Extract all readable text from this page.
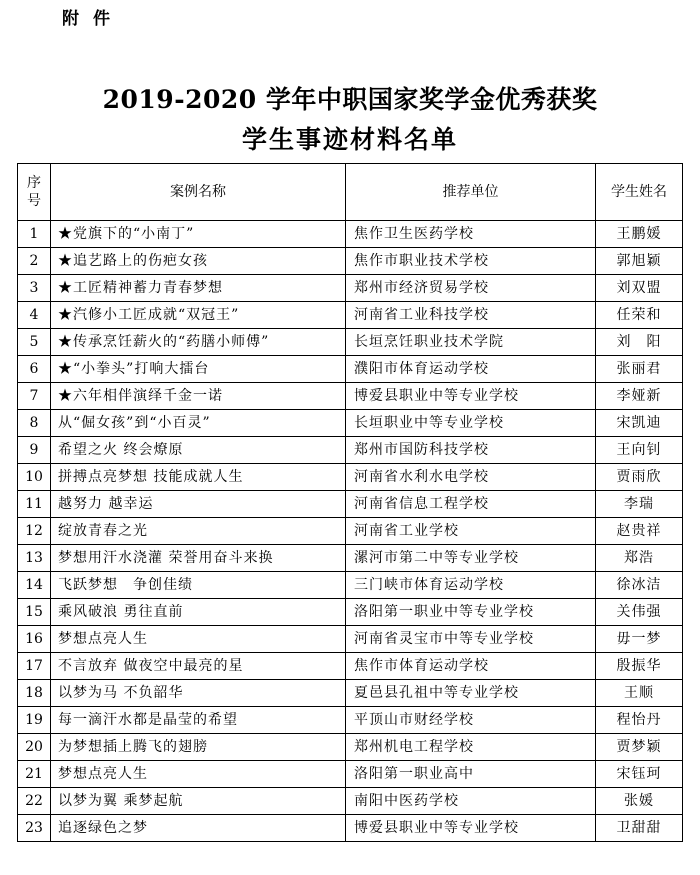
附件
2019-2020 学年中职国家奖学金优秀获奖
学生事迹材料名单
序
号	案例名称	推荐单位	学生姓名
1	★党旗下的“小南丁”	焦作卫生医药学校	王鹏媛
2	★追艺路上的伤疤女孩	焦作市职业技术学校	郭旭颖
3	★工匠精神蓄力青春梦想	郑州市经济贸易学校	刘双盟
4	★汽修小工匠成就“双冠王”	河南省工业科技学校	任荣和
5	★传承烹饪薪火的“药膳小师傅”	长垣烹饪职业技术学院	刘　阳
6	★“小拳头”打响大擂台	濮阳市体育运动学校	张丽君
7	★六年相伴演绎千金一诺	博爱县职业中等专业学校	李娅新
8	从“倔女孩”到“小百灵”	长垣职业中等专业学校	宋凯迪
9	希望之火 终会燎原	郑州市国防科技学校	王向钊
10	拼搏点亮梦想 技能成就人生	河南省水利水电学校	贾雨欣
11	越努力 越幸运	河南省信息工程学校	李瑞
12	绽放青春之光	河南省工业学校	赵贵祥
13	梦想用汗水浇灌 荣誉用奋斗来换	漯河市第二中等专业学校	郑浩
14	飞跃梦想　争创佳绩	三门峡市体育运动学校	徐冰洁
15	乘风破浪 勇往直前	洛阳第一职业中等专业学校	关伟强
16	梦想点亮人生	河南省灵宝市中等专业学校	毋一梦
17	不言放弃 做夜空中最亮的星	焦作市体育运动学校	殷振华
18	以梦为马 不负韶华	夏邑县孔祖中等专业学校	王顺
19	每一滴汗水都是晶莹的希望	平顶山市财经学校	程怡丹
20	为梦想插上腾飞的翅膀	郑州机电工程学校	贾梦颖
21	梦想点亮人生	洛阳第一职业高中	宋钰珂
22	以梦为翼 乘梦起航	南阳中医药学校	张媛
23	追逐绿色之梦	博爱县职业中等专业学校	卫甜甜
